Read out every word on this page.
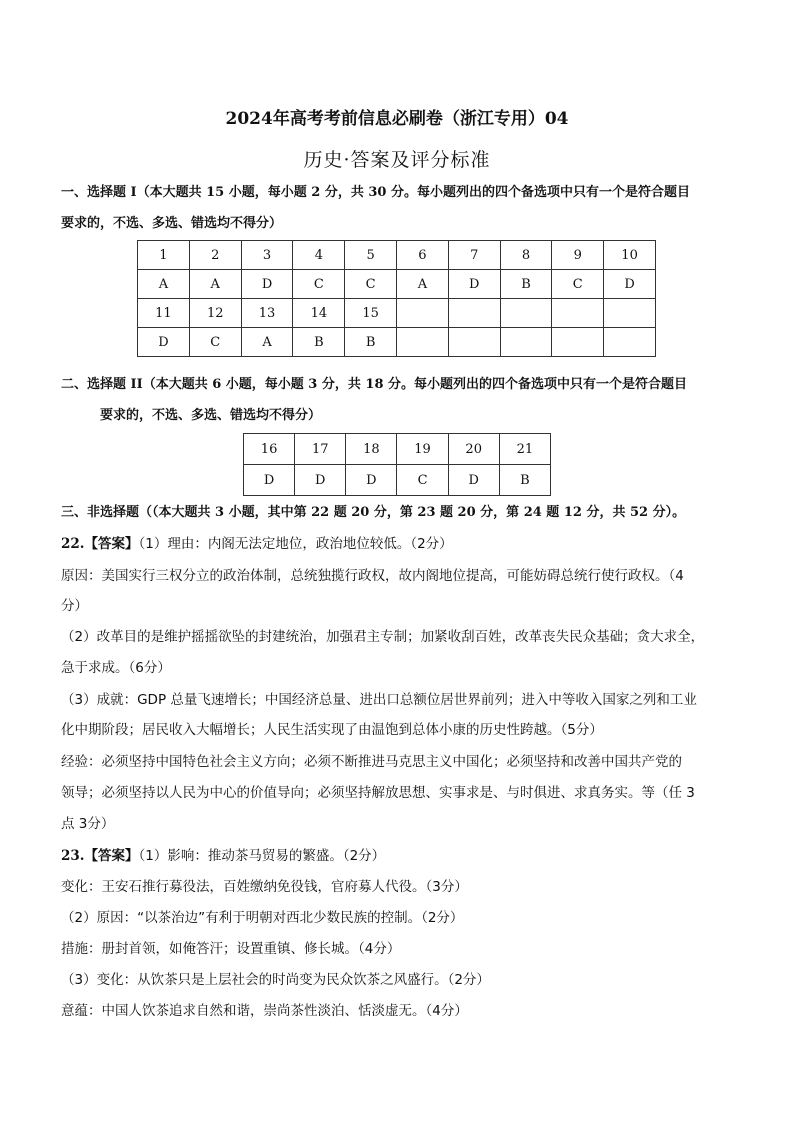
2024年高考考前信息必刷卷（浙江专用）04
历史·答案及评分标准
一、选择题 I（本大题共 15 小题，每小题 2 分，共 30 分。每小题列出的四个备选项中只有一个是符合题目
要求的，不选、多选、错选均不得分）
1	2	3	4	5	6	7	8	9	10
A	A	D	C	C	A	D	B	C	D
11	12	13	14	15					
D	C	A	B	B					
二、选择题 II（本大题共 6 小题，每小题 3 分，共 18 分。每小题列出的四个备选项中只有一个是符合题目
要求的，不选、多选、错选均不得分）
16	17	18	19	20	21
D	D	D	C	D	B
三、非选择题（（本大题共 3 小题，其中第 22 题 20 分，第 23 题 20 分，第 24 题 12 分，共 52 分）。
22.【答案】（1）理由：内阁无法定地位，政治地位较低。（2分）
原因：美国实行三权分立的政治体制，总统独揽行政权，故内阁地位提高，可能妨碍总统行使行政权。（4
分）
（2）改革目的是维护摇摇欲坠的封建统治，加强君主专制；加紧收刮百姓，改革丧失民众基础；贪大求全，
急于求成。（6分）
（3）成就：GDP 总量飞速增长；中国经济总量、进出口总额位居世界前列；进入中等收入国家之列和工业
化中期阶段；居民收入大幅增长；人民生活实现了由温饱到总体小康的历史性跨越。（5分）
经验：必须坚持中国特色社会主义方向；必须不断推进马克思主义中国化；必须坚持和改善中国共产党的
领导；必须坚持以人民为中心的价值导向；必须坚持解放思想、实事求是、与时俱进、求真务实。等（任 3
点 3分）
23.【答案】（1）影响：推动茶马贸易的繁盛。（2分）
变化：王安石推行募役法，百姓缴纳免役钱，官府募人代役。（3分）
（2）原因：“以茶治边”有利于明朝对西北少数民族的控制。（2分）
措施：册封首领，如俺答汗；设置重镇、修长城。（4分）
（3）变化：从饮茶只是上层社会的时尚变为民众饮茶之风盛行。（2分）
意蕴：中国人饮茶追求自然和谐，崇尚茶性淡泊、恬淡虚无。（4分）
